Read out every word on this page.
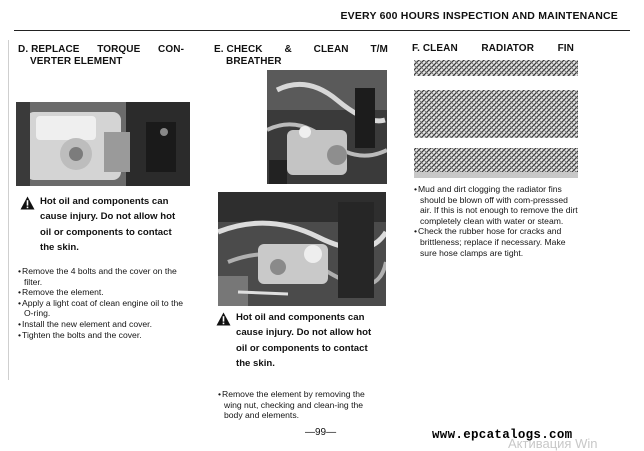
EVERY 600 HOURS INSPECTION AND MAINTENANCE
D. REPLACE TORQUE CON-
VERTER ELEMENT
Hot oil and components can
cause injury. Do not allow hot
oil or components to contact
the skin.
• Remove the 4 bolts and the cover on the filter.
• Remove the element.
• Apply a light coat of clean engine oil to the O-ring.
• Install the new element and cover.
• Tighten the bolts and the cover.
E. CHECK & CLEAN T/M
BREATHER
Hot oil and components can
cause injury. Do not allow hot
oil or components to contact
the skin.
• Remove the element by removing the wing nut, checking and clean-ing the body and elements.
F. CLEAN RADIATOR FIN
• Mud and dirt clogging the radiator fins should be blown off with com-presssed air. If this is not enough to remove the dirt completely clean with water or steam.
• Check the rubber hose for cracks and brittleness; replace if necessary. Make sure hose clamps are tight.
—99—	www.epcatalogs.com
Активация Win
